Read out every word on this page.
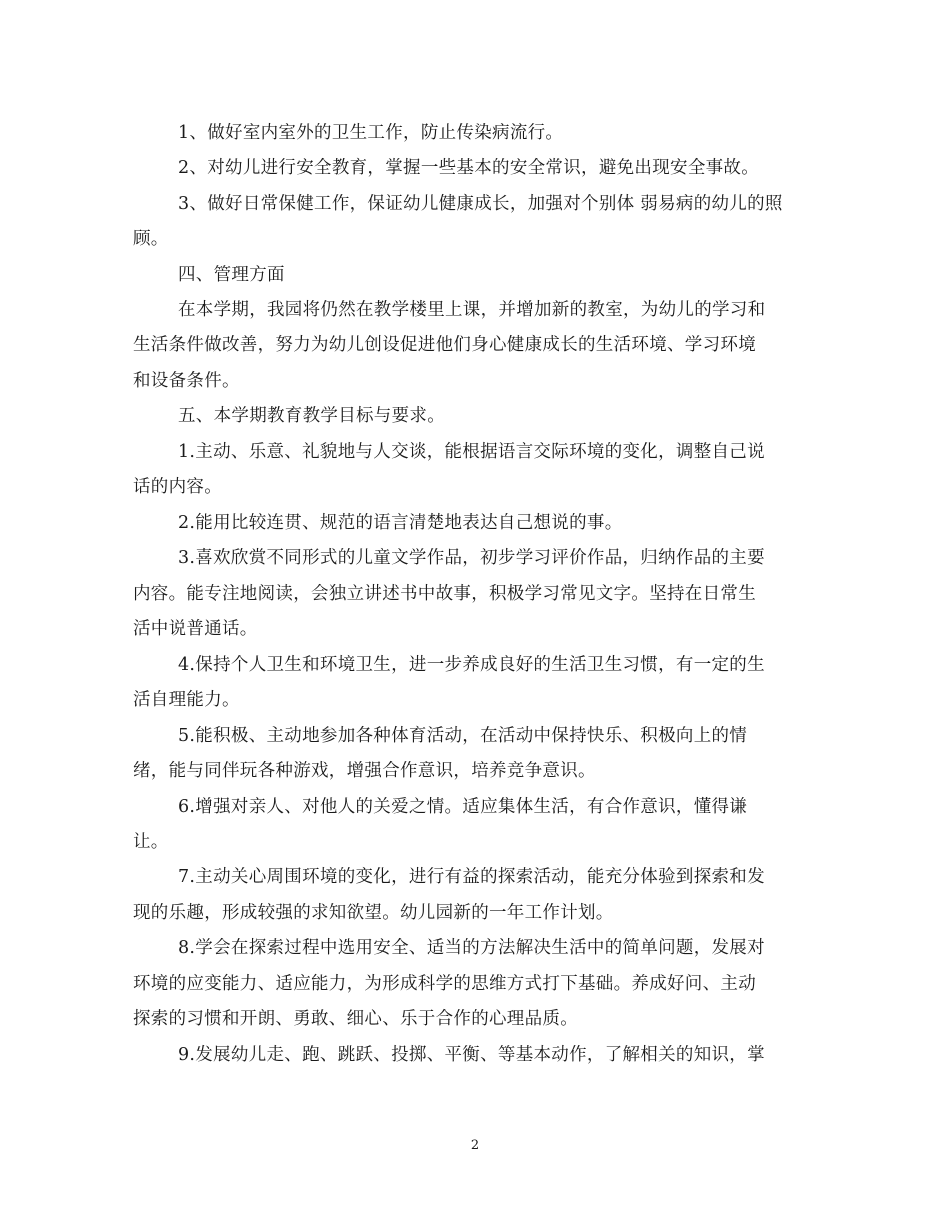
1、做好室内室外的卫生工作，防止传染病流行。
2、对幼儿进行安全教育，掌握一些基本的安全常识，避免出现安全事故。
3、做好日常保健工作，保证幼儿健康成长，加强对个别体 弱易病的幼儿的照
顾。
四、管理方面
在本学期，我园将仍然在教学楼里上课，并增加新的教室，为幼儿的学习和
生活条件做改善，努力为幼儿创设促进他们身心健康成长的生活环境、学习环境
和设备条件。
五、本学期教育教学目标与要求。
1.主动、乐意、礼貌地与人交谈，能根据语言交际环境的变化，调整自己说
话的内容。
2.能用比较连贯、规范的语言清楚地表达自己想说的事。
3.喜欢欣赏不同形式的儿童文学作品，初步学习评价作品，归纳作品的主要
内容。能专注地阅读，会独立讲述书中故事，积极学习常见文字。坚持在日常生
活中说普通话。
4.保持个人卫生和环境卫生，进一步养成良好的生活卫生习惯，有一定的生
活自理能力。
5.能积极、主动地参加各种体育活动，在活动中保持快乐、积极向上的情
绪，能与同伴玩各种游戏，增强合作意识，培养竞争意识。
6.增强对亲人、对他人的关爱之情。适应集体生活，有合作意识，懂得谦
让。
7.主动关心周围环境的变化，进行有益的探索活动，能充分体验到探索和发
现的乐趣，形成较强的求知欲望。幼儿园新的一年工作计划。
8.学会在探索过程中选用安全、适当的方法解决生活中的简单问题，发展对
环境的应变能力、适应能力，为形成科学的思维方式打下基础。养成好问、主动
探索的习惯和开朗、勇敢、细心、乐于合作的心理品质。
9.发展幼儿走、跑、跳跃、投掷、平衡、等基本动作，了解相关的知识，掌
2
